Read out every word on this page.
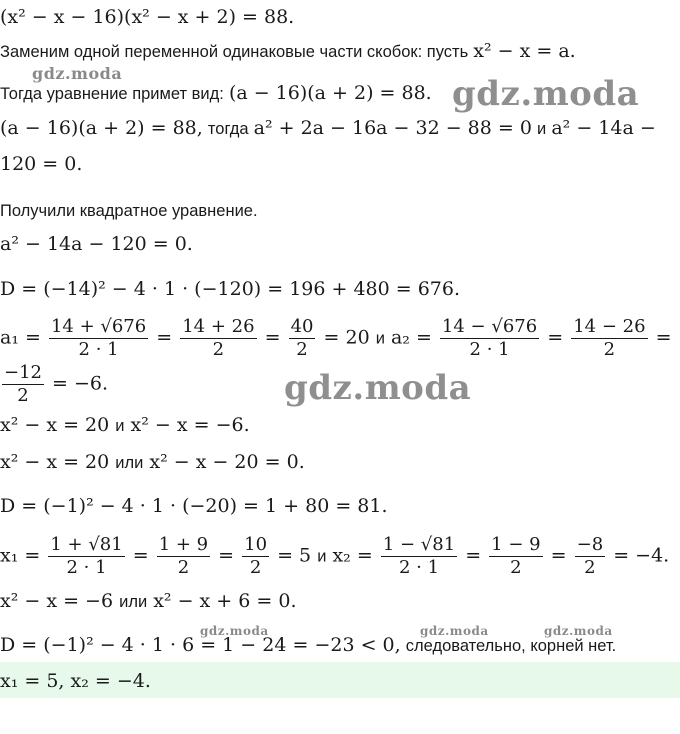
gdz.moda
gdz.moda
gdz.moda
gdz.moda	gdz.moda	gdz.moda
(x² − x − 16)(x² − x + 2) = 88.
Заменим одной переменной одинаковые части скобок: пусть x² − x = a.
Тогда уравнение примет вид: (a − 16)(a + 2) = 88.
(a − 16)(a + 2) = 88, тогда a² + 2a − 16a − 32 − 88 = 0 и a² − 14a −
120 = 0.
Получили квадратное уравнение.
a² − 14a − 120 = 0.
D = (−14)² − 4 · 1 · (−120) = 196 + 480 = 676.
$a_1 = \frac{14 + √676}{2 \cdot 1} = \frac{14 + 26}{2} = \frac{40}{2} = 20$ и $a_2 = \frac{14 - √676}{2 \cdot 1} = \frac{14 - 26}{2}$ =
$\frac{-12}{2} = -6$.
x² − x = 20 и x² − x = −6.
x² − x = 20 или x² − x − 20 = 0.
D = (−1)² − 4 · 1 · (−20) = 1 + 80 = 81.
$x_1 = \frac{1 + √81}{2 \cdot 1} = \frac{1 + 9}{2} = \frac{10}{2} = 5$ и $x_2 = \frac{1 - √81}{2 \cdot 1} = \frac{1 - 9}{2} = \frac{-8}{2} = -4$.
x² − x = −6 или x² − x + 6 = 0.
D = (−1)² − 4 · 1 · 6 = 1 − 24 = −23 < 0, следовательно, корней нет.
x₁ = 5, x₂ = −4.
